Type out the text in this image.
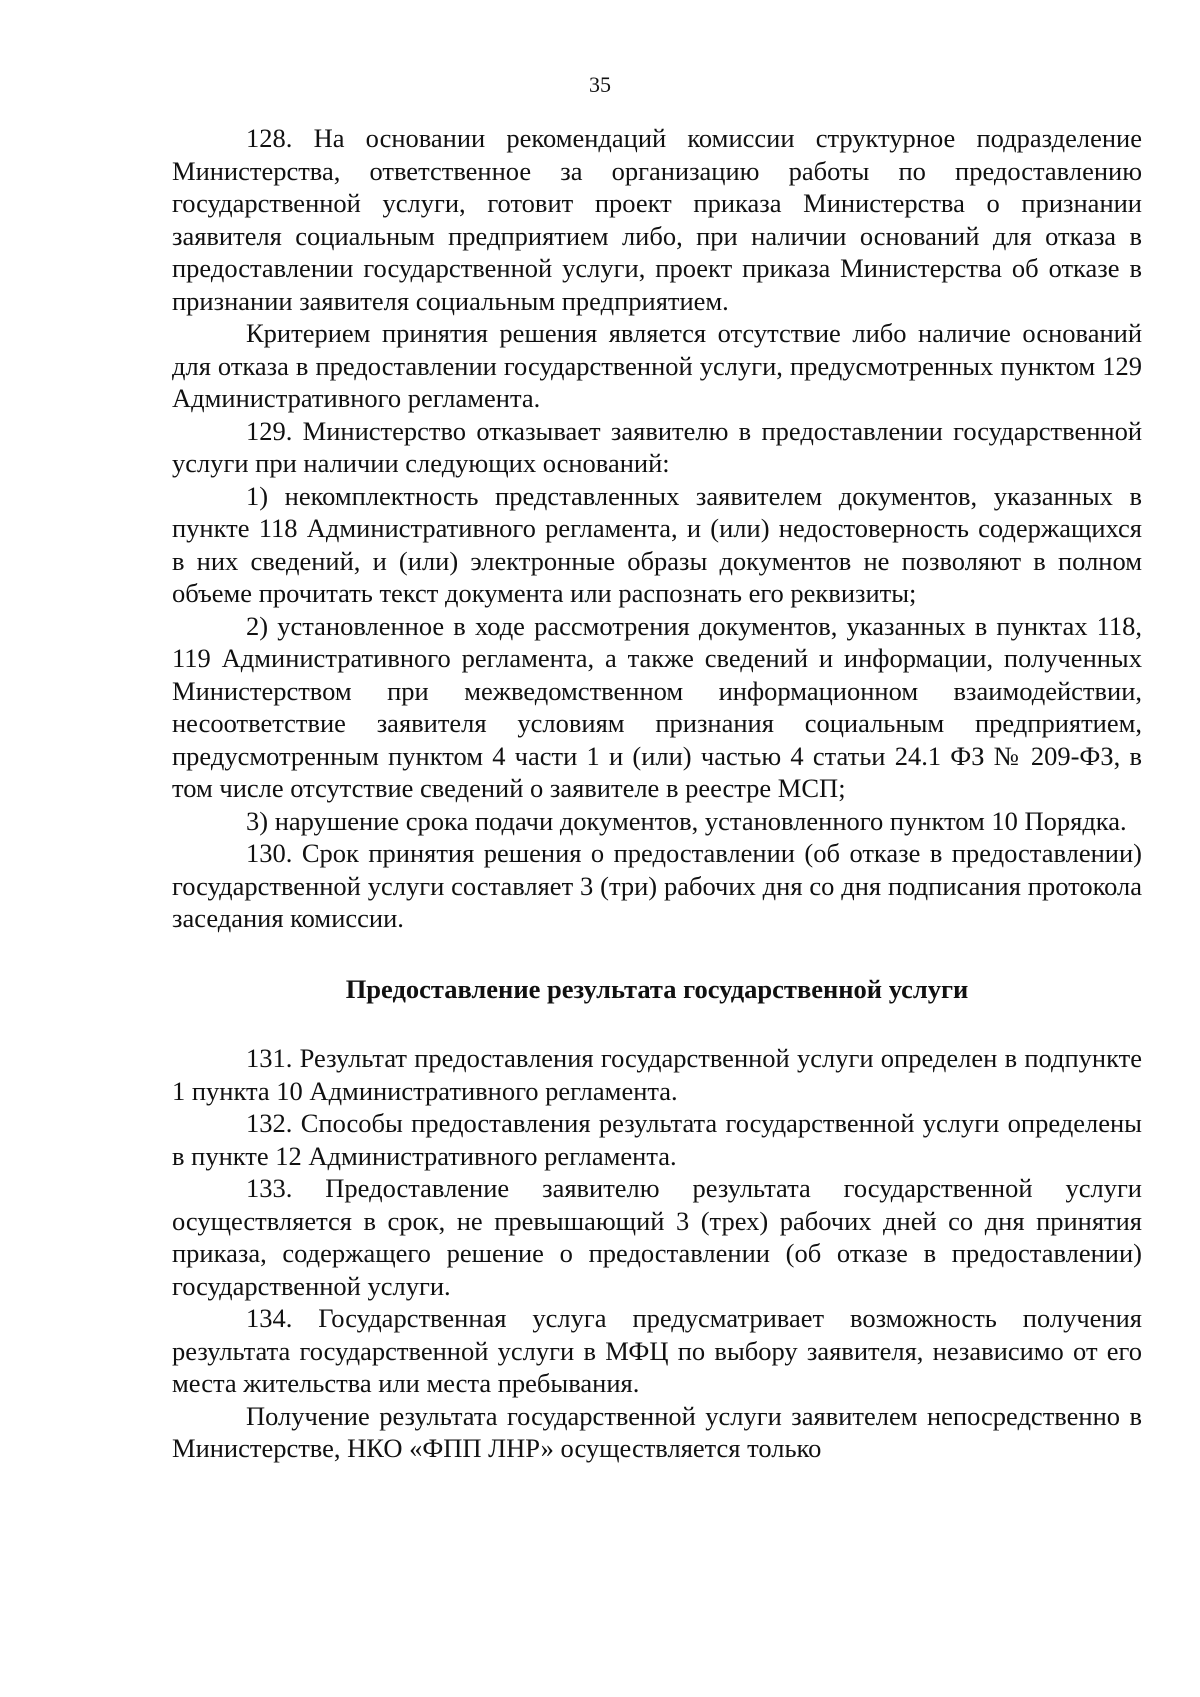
35

128. На основании рекомендаций комиссии структурное подразделение Министерства, ответственное за организацию работы по предоставлению государственной услуги, готовит проект приказа Министерства о признании заявителя социальным предприятием либо, при наличии оснований для отказа в предоставлении государственной услуги, проект приказа Министерства об отказе в признании заявителя социальным предприятием.

Критерием принятия решения является отсутствие либо наличие оснований для отказа в предоставлении государственной услуги, предусмотренных пунктом 129 Административного регламента.

129. Министерство отказывает заявителю в предоставлении государственной услуги при наличии следующих оснований:

1) некомплектность представленных заявителем документов, указанных в пункте 118 Административного регламента, и (или) недостоверность содержащихся в них сведений, и (или) электронные образы документов не позволяют в полном объеме прочитать текст документа или распознать его реквизиты;

2) установленное в ходе рассмотрения документов, указанных в пунктах 118, 119 Административного регламента, а также сведений и информации, полученных Министерством при межведомственном информационном взаимодействии, несоответствие заявителя условиям признания социальным предприятием, предусмотренным пунктом 4 части 1 и (или) частью 4 статьи 24.1 ФЗ № 209-ФЗ, в том числе отсутствие сведений о заявителе в реестре МСП;

3) нарушение срока подачи документов, установленного пунктом 10 Порядка.

130. Срок принятия решения о предоставлении (об отказе в предоставлении) государственной услуги составляет 3 (три) рабочих дня со дня подписания протокола заседания комиссии.

Предоставление результата государственной услуги

131. Результат предоставления государственной услуги определен в подпункте 1 пункта 10 Административного регламента.

132. Способы предоставления результата государственной услуги определены в пункте 12 Административного регламента.

133. Предоставление заявителю результата государственной услуги осуществляется в срок, не превышающий 3 (трех) рабочих дней со дня принятия приказа, содержащего решение о предоставлении (об отказе в предоставлении) государственной услуги.

134. Государственная услуга предусматривает возможность получения результата государственной услуги в МФЦ по выбору заявителя, независимо от его места жительства или места пребывания.

Получение результата государственной услуги заявителем непосредственно в Министерстве, НКО «ФПП ЛНР» осуществляется только
